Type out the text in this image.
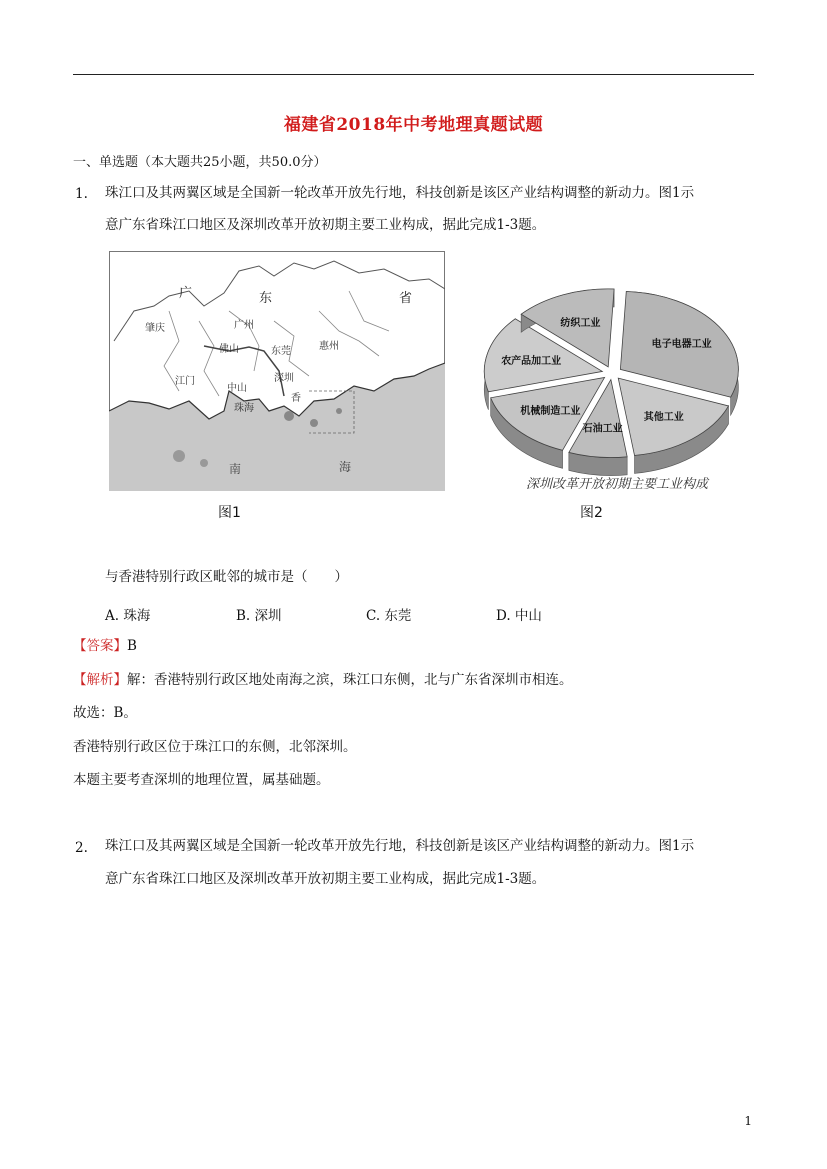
福建省2018年中考地理真题试题
一、单选题（本大题共25小题，共50.0分）
1. 珠江口及其两翼区域是全国新一轮改革开放先行地，科技创新是该区产业结构调整的新动力。图1示
意广东省珠江口地区及深圳改革开放初期主要工业构成，据此完成1-3题。
广	东	省
肇庆	广州
佛山	东莞	惠州
江门
中山
深圳
珠海
香
南	海
图1
电子电器工业
其他工业
石油工业
机械制造工业
农产品加工业
纺织工业
深圳改革开放初期主要工业构成
图2
与香港特别行政区毗邻的城市是（　　）
A. 珠海	B. 深圳	C. 东莞	D. 中山
【答案】B
【解析】解：香港特别行政区地处南海之滨，珠江口东侧，北与广东省深圳市相连。
故选：B。
香港特别行政区位于珠江口的东侧，北邻深圳。
本题主要考查深圳的地理位置，属基础题。
2. 珠江口及其两翼区域是全国新一轮改革开放先行地，科技创新是该区产业结构调整的新动力。图1示
意广东省珠江口地区及深圳改革开放初期主要工业构成，据此完成1-3题。
1
